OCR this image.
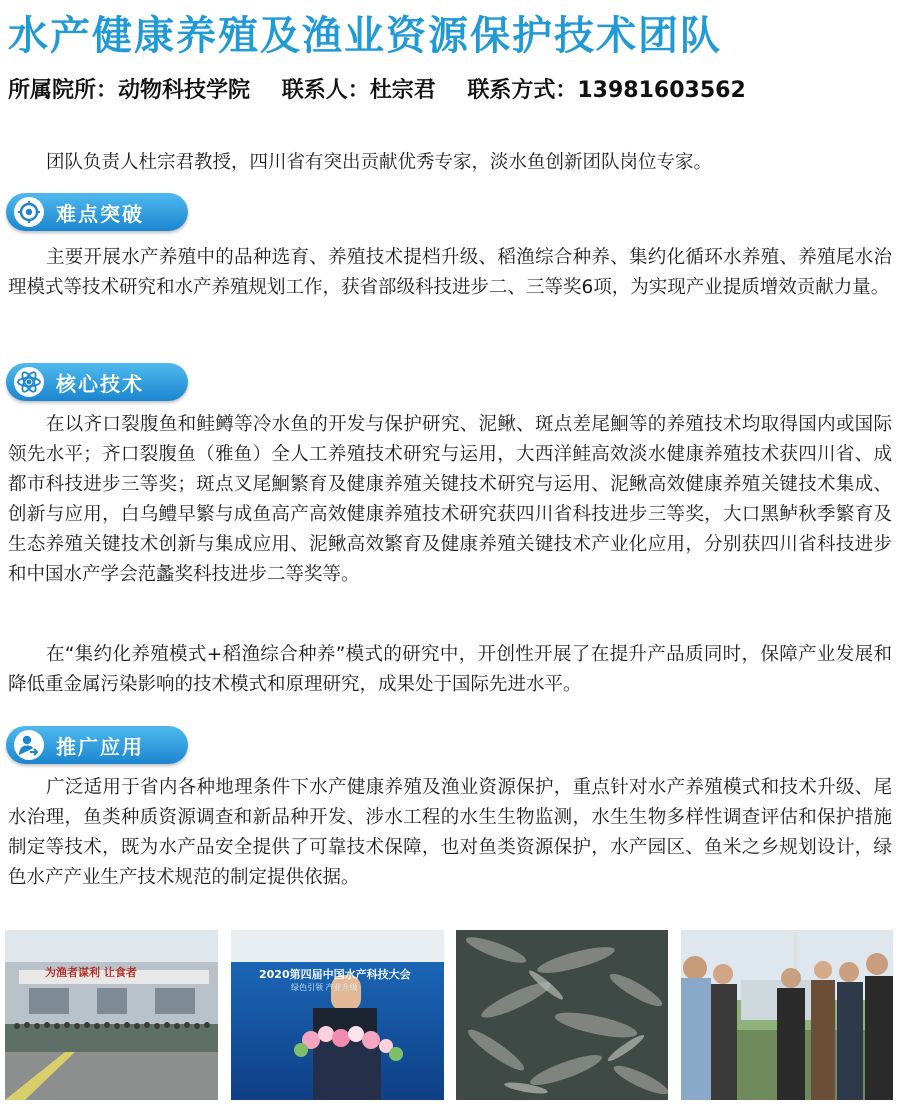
水产健康养殖及渔业资源保护技术团队
所属院所：动物科技学院 联系人：杜宗君 联系方式：13981603562

团队负责人杜宗君教授，四川省有突出贡献优秀专家，淡水鱼创新团队岗位专家。

难点突破

主要开展水产养殖中的品种选育、养殖技术提档升级、稻渔综合种养、集约化循环水养殖、养殖尾水治理模式等技术研究和水产养殖规划工作，获省部级科技进步二、三等奖6项，为实现产业提质增效贡献力量。

核心技术

在以齐口裂腹鱼和鲑鳟等冷水鱼的开发与保护研究、泥鳅、斑点差尾鮰等的养殖技术均取得国内或国际领先水平；齐口裂腹鱼（雅鱼）全人工养殖技术研究与运用，大西洋鲑高效淡水健康养殖技术获四川省、成都市科技进步三等奖；斑点叉尾鮰繁育及健康养殖关键技术研究与运用、泥鳅高效健康养殖关键技术集成、创新与应用，白乌鳢早繁与成鱼高产高效健康养殖技术研究获四川省科技进步三等奖，大口黑鲈秋季繁育及生态养殖关键技术创新与集成应用、泥鳅高效繁育及健康养殖关键技术产业化应用，分别获四川省科技进步和中国水产学会范蠡奖科技进步二等奖等。

在“集约化养殖模式+稻渔综合种养”模式的研究中，开创性开展了在提升产品质同时，保障产业发展和降低重金属污染影响的技术模式和原理研究，成果处于国际先进水平。

推广应用

广泛适用于省内各种地理条件下水产健康养殖及渔业资源保护，重点针对水产养殖模式和技术升级、尾水治理，鱼类种质资源调查和新品种开发、涉水工程的水生生物监测，水生生物多样性调查评估和保护措施制定等技术，既为水产品安全提供了可靠技术保障，也对鱼类资源保护，水产园区、鱼米之乡规划设计，绿色水产产业生产技术规范的制定提供依据。

为渔者谋利 让食者	2020第四届中国水产科技大会
绿色引领 产业升级
